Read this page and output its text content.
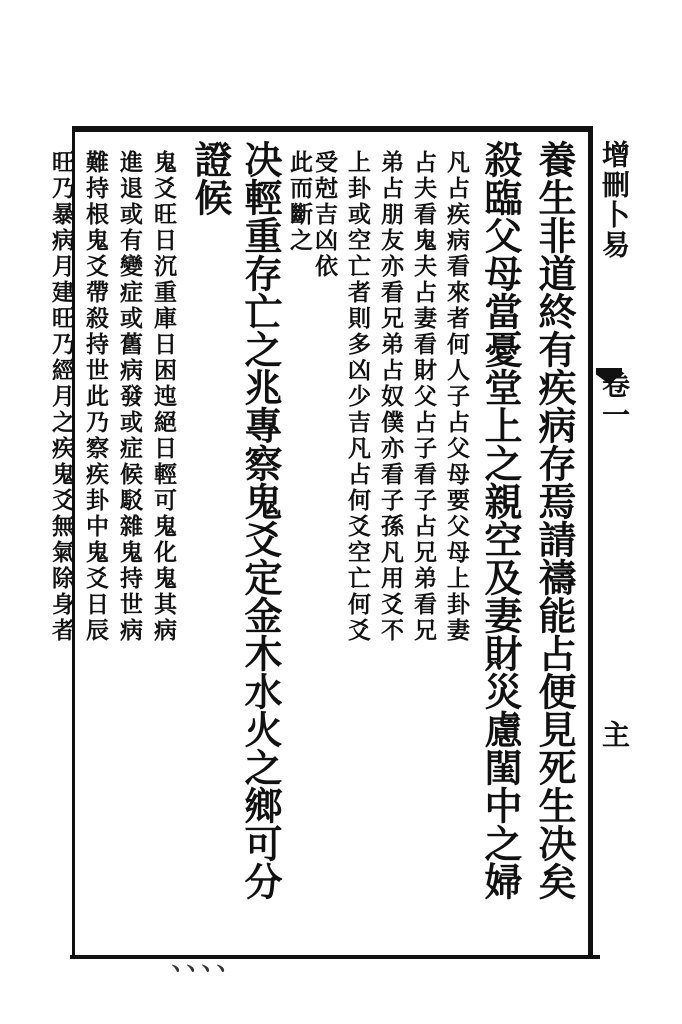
增刪卜易
卷一
主
養生非道終有疾病存焉請禱能占便見死生决矣
殺臨父母當憂堂上之親空及妻財災慮閨中之婦
凡占疾病看來者何人子占父母要父母上卦妻
占夫看鬼夫占妻看財父占子看子占兄弟看兄
弟占朋友亦看兄弟占奴僕亦看子孫凡用爻不
上卦或空亡者則多凶少吉凡占何爻空亡何爻
受尅吉凶依
此而斷之
决輕重存亡之兆專察鬼爻定金木水火之鄉可分
證候
鬼爻旺日沉重庫日困迍絕日輕可鬼化鬼其病
進退或有變症或舊病發或症候駁雜鬼持世病
難持根鬼爻帶殺持世此乃察疾卦中鬼爻日辰
旺乃暴病月建旺乃經月之疾鬼爻無氣除身者
﹅﹅﹅﹅
